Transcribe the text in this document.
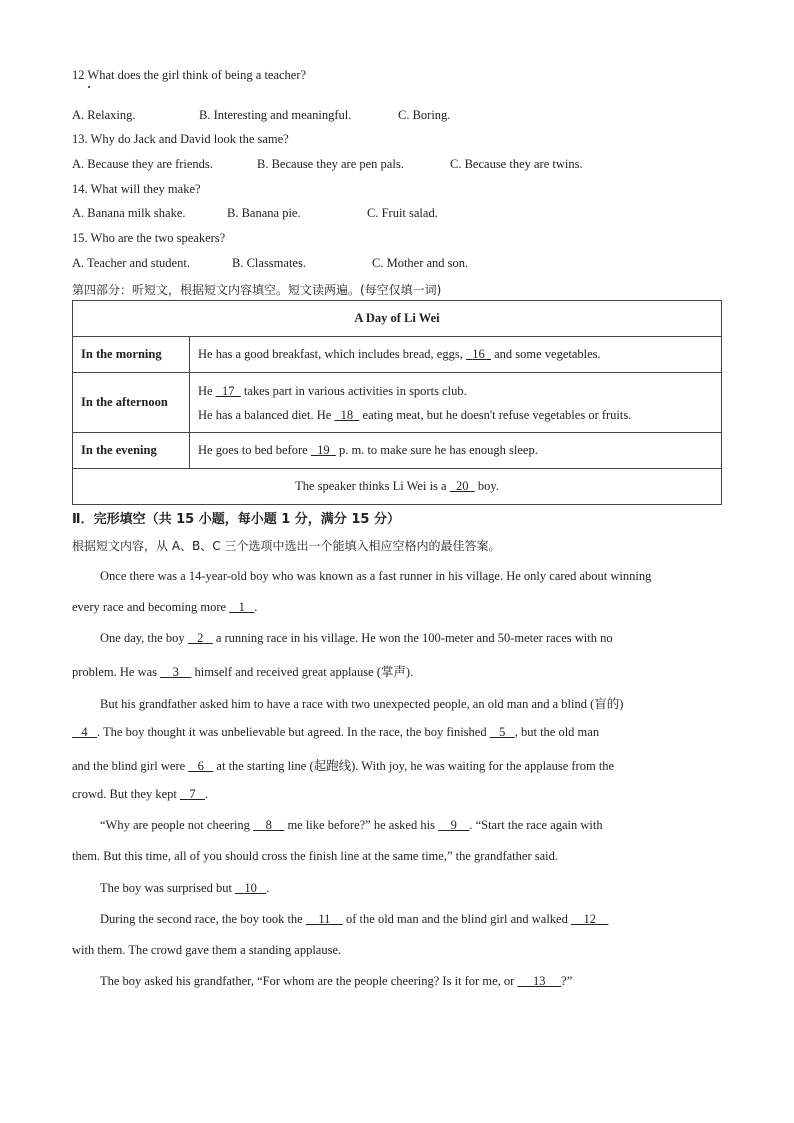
12 What does the girl think of being a teacher?
A. Relaxing.	B. Interesting and meaningful.	C. Boring.
13. Why do Jack and David look the same?
A. Because they are friends.	B. Because they are pen pals.	C. Because they are twins.
14. What will they make?
A. Banana milk shake.	B. Banana pie.	C. Fruit salad.
15. Who are the two speakers?
A. Teacher and student.	B. Classmates.	C. Mother and son.
第四部分：听短文，根据短文内容填空。短文读两遍。(每空仅填一词)
A Day of Li Wei	
In the morning	He has a good breakfast, which includes bread, eggs,   16   and some vegetables.
In the afternoon	He   17   takes part in various activities in sports club.
He has a balanced diet. He   18   eating meat, but he doesn't refuse vegetables or fruits.

In the evening	He goes to bed before   19   p. m. to make sure he has enough sleep.
The speaker thinks Li Wei is a   20   boy.	
Ⅱ．完形填空（共 15 小题，每小题 1 分，满分 15 分）
根据短文内容，从 A、B、C 三个选项中选出一个能填入相应空格内的最佳答案。
Once there was a 14-year-old boy who was known as a fast runner in his village. He only cared about winning
every race and becoming more    1 .
One day, the boy    2    a running race in his village. He won the 100-meter and 50-meter races with no
problem. He was     3     himself and received great applause (掌声).
But his grandfather asked him to have a race with two unexpected people, an old man and a blind (盲的)
4 . The boy thought it was unbelievable but agreed. In the race, the boy finished    5 , but the old man
and the blind girl were    6    at the starting line (起跑线). With joy, he was waiting for the applause from the
crowd. But they kept    7 .
“Why are people not cheering     8     me like before?” he asked his     9 . “Start the race again with
them. But this time, all of you should cross the finish line at the same time,” the grandfather said.
The boy was surprised but    10 .
During the second race, the boy took the     11     of the old man and the blind girl and walked     12
with them. The crowd gave them a standing applause.
The boy asked his grandfather, “For whom are the people cheering? Is it for me, or      13 ?”
